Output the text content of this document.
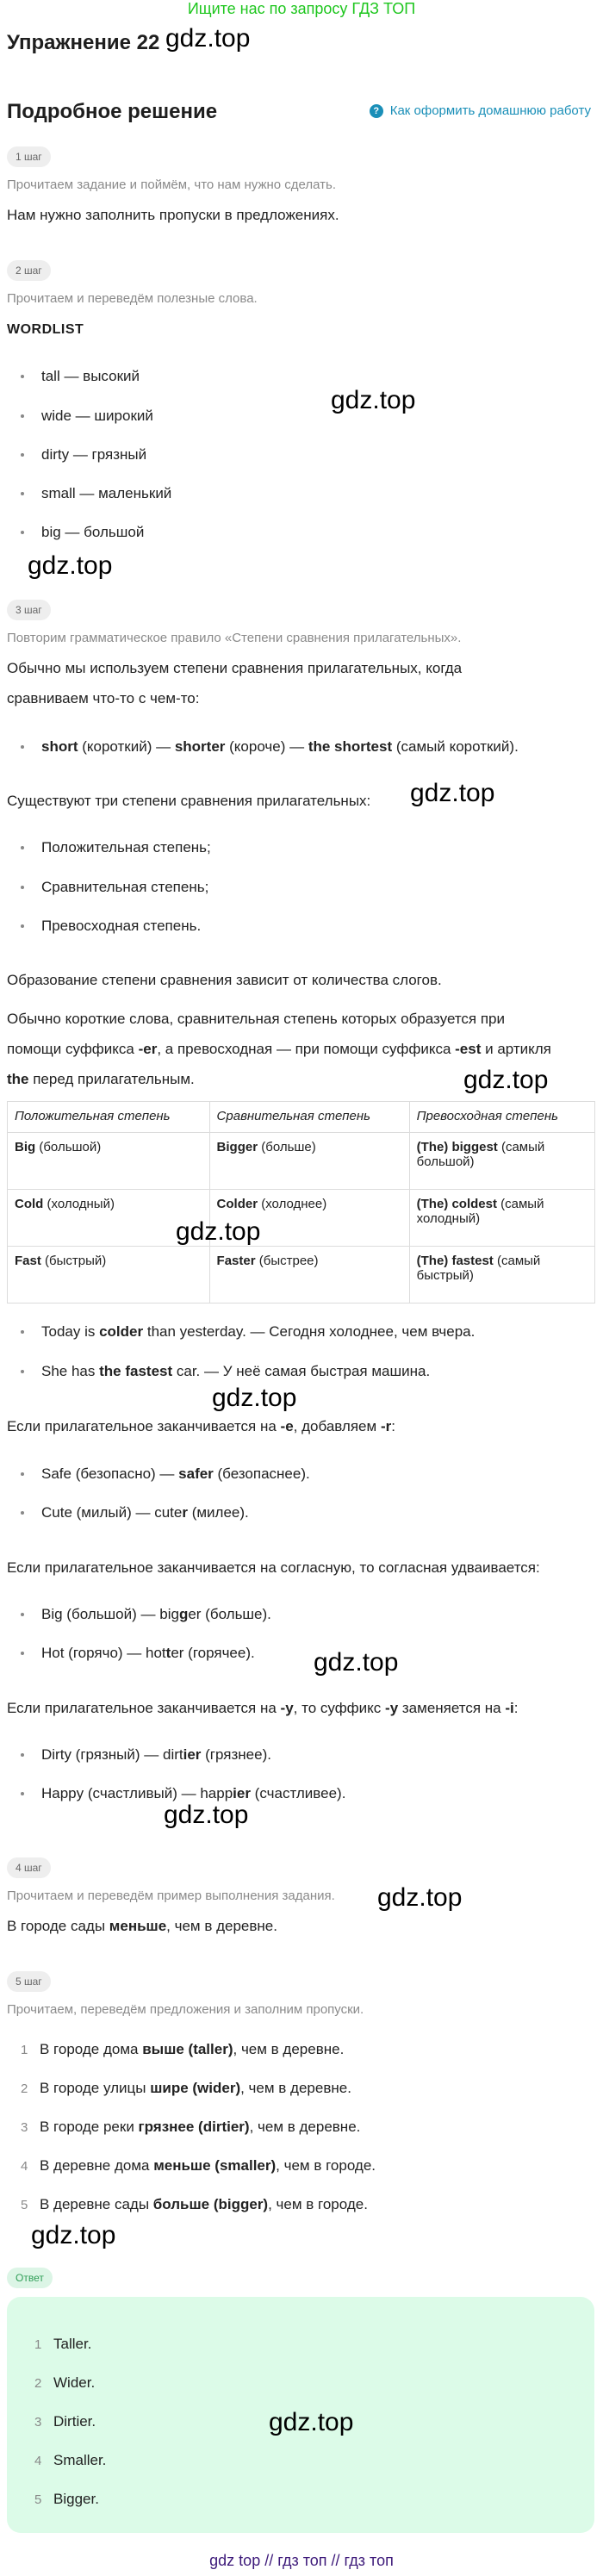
Ищите нас по запросу ГДЗ ТОП
Упражнение 22
Подробное решение	? Как оформить домашнюю работу
1 шаг
Прочитаем задание и поймём, что нам нужно сделать.
Нам нужно заполнить пропуски в предложениях.
2 шаг
Прочитаем и переведём полезные слова.
WORDLIST
tall — высокий
wide — широкий
dirty — грязный
small — маленький
big — большой
3 шаг
Повторим грамматическое правило «Степени сравнения прилагательных».
Обычно мы используем степени сравнения прилагательных, когда
сравниваем что-то с чем-то:
short (короткий) — shorter (короче) — the shortest (самый короткий).
Существуют три степени сравнения прилагательных:
Положительная степень;
Сравнительная степень;
Превосходная степень.
Образование степени сравнения зависит от количества слогов.
Обычно короткие слова, сравнительная степень которых образуется при
помощи суффикса -er, а превосходная — при помощи суффикса -est и артикля
the перед прилагательным.
Положительная степень	Сравнительная степень	Превосходная степень
Big (большой)	Bigger (больше)	(The) biggest (самый
большой)
Cold (холодный)	Colder (холоднее)	(The) coldest (самый
холодный)
Fast (быстрый)	Faster (быстрее)	(The) fastest (самый
быстрый)
Today is colder than yesterday. — Сегодня холоднее, чем вчера.
She has the fastest car. — У неё самая быстрая машина.
Если прилагательное заканчивается на -e, добавляем -r:
Safe (безопасно) — safer (безопаснее).
Cute (милый) — cuter (милее).
Если прилагательное заканчивается на согласную, то согласная удваивается:
Big (большой) — bigger (больше).
Hot (горячо) — hotter (горячее).
Если прилагательное заканчивается на -y, то суффикс -y заменяется на -i:
Dirty (грязный) — dirtier (грязнее).
Happy (счастливый) — happier (счастливее).
4 шаг
Прочитаем и переведём пример выполнения задания.
В городе сады меньше, чем в деревне.
5 шаг
Прочитаем, переведём предложения и заполним пропуски.
1 В городе дома выше (taller), чем в деревне.
2 В городе улицы шире (wider), чем в деревне.
3 В городе реки грязнее (dirtier), чем в деревне.
4 В деревне дома меньше (smaller), чем в городе.
5 В деревне сады больше (bigger), чем в городе.
Ответ
1 Taller.
2 Wider.
3 Dirtier.
4 Smaller.
5 Bigger.
gdz.top
gdz.top
gdz.top
gdz.top
gdz.top
gdz.top
gdz.top
gdz.top
gdz.top
gdz.top
gdz.top
gdz.top
gdz top // гдз топ // гдз топ
